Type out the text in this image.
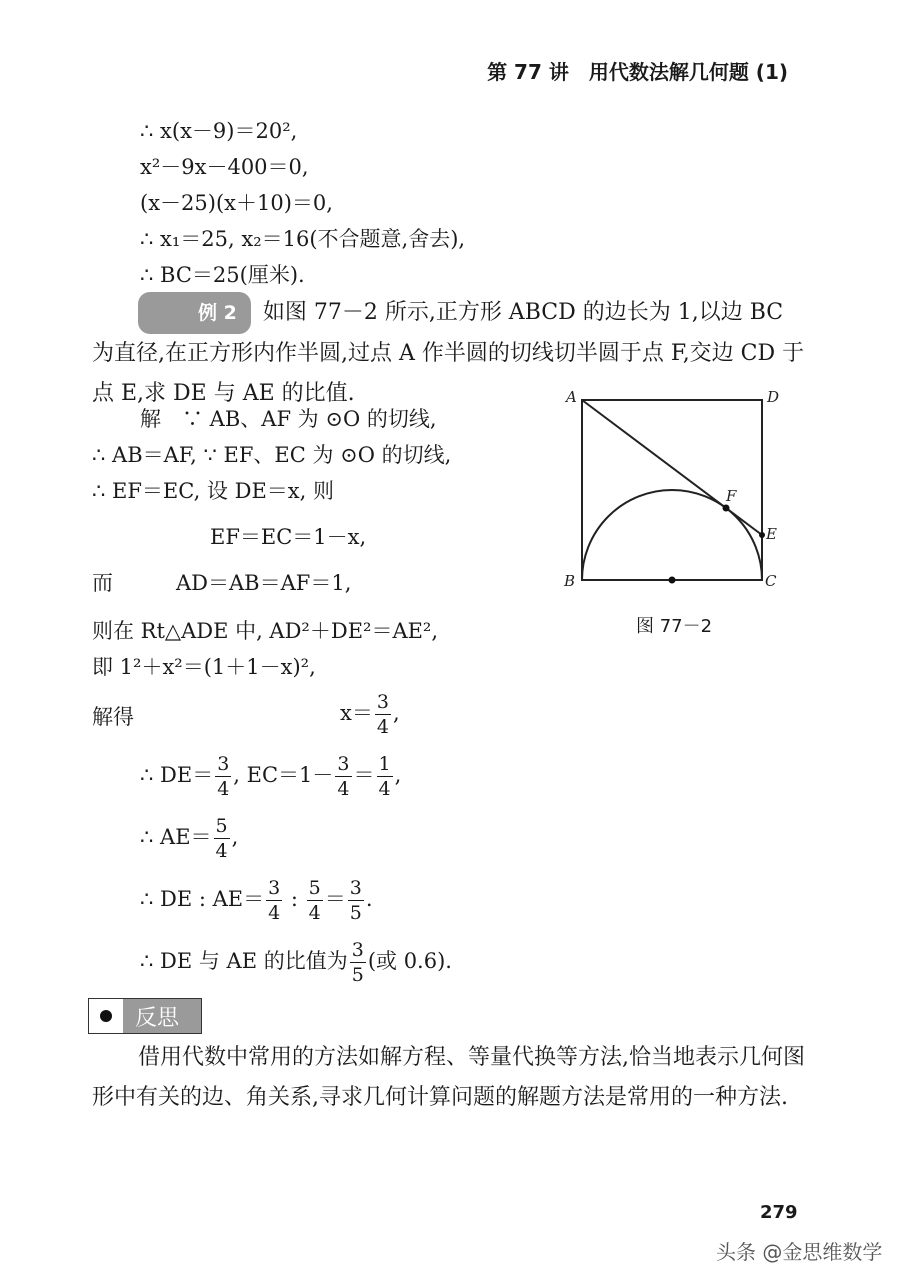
第 77 讲　用代数法解几何题 (1)
∴ x(x－9)＝20²,
x²－9x－400＝0,
(x－25)(x＋10)＝0,
∴ x₁＝25, x₂＝16(不合题意,舍去),
∴ BC＝25(厘米).
例 2 如图 77－2 所示,正方形 ABCD 的边长为 1,以边 BC 为直径,在正方形内作半圆,过点 A 作半圆的切线切半圆于点 F,交边 CD 于点 E,求 DE 与 AE 的比值.
解　∵ AB、AF 为 ⊙O 的切线,
∴ AB＝AF, ∵ EF、EC 为 ⊙O 的切线,
∴ EF＝EC, 设 DE＝x, 则
EF＝EC＝1－x,
而　　　AD＝AB＝AF＝1,
则在 Rt△ADE 中, AD²＋DE²＝AE²,
即 1²＋x²＝(1＋1－x)²,
解得	$x= \frac{3}{4}$ ,
∴ $DE= \frac{3}{4}$ , $EC=1- \frac{3}{4} = \frac{1}{4}$ ,
∴ $AE= \frac{5}{4}$ ,
∴ DE : $AE= \frac{3}{4}$ : $\frac{5}{4} = \frac{3}{5}$ .
∴ DE 与 AE 的比值为 $\frac{3}{5}$ (或 0.6).
A	D
B	C
E
F
图 77－2
反思
借用代数中常用的方法如解方程、等量代换等方法,恰当地表示几何图形中有关的边、角关系,寻求几何计算问题的解题方法是常用的一种方法.
279
头条 @金思维数学
